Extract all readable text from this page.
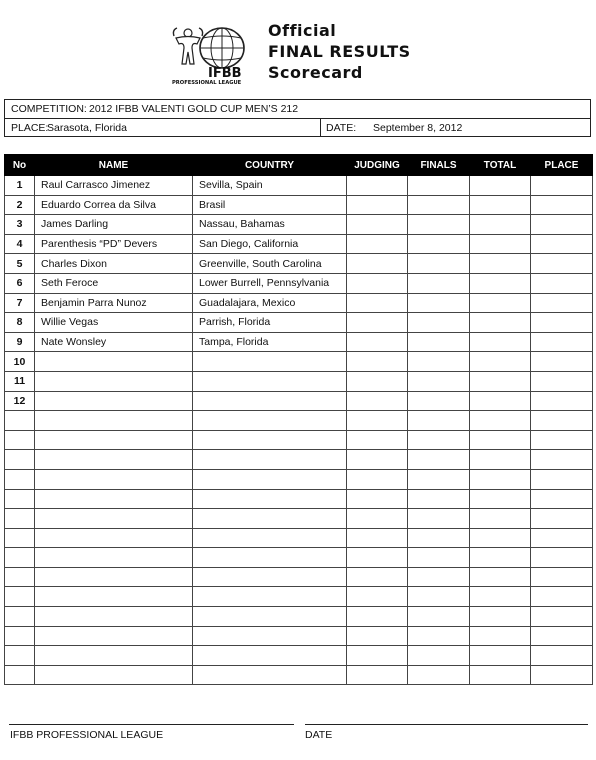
IFBB
PROFESSIONAL LEAGUE
Official
FINAL RESULTS
Scorecard
COMPETITION: 2012 IFBB VALENTI GOLD CUP MEN’S 212
PLACE:
Sarasota, Florida	DATE: September 8, 2012
No	NAME	COUNTRY	JUDGING	FINALS	TOTAL	PLACE
1	Raul Carrasco Jimenez	Sevilla, Spain				
2	Eduardo Correa da Silva	Brasil				
3	James Darling	Nassau, Bahamas				
4	Parenthesis “PD” Devers	San Diego, California				
5	Charles Dixon	Greenville, South Carolina				
6	Seth Feroce	Lower Burrell, Pennsylvania				
7	Benjamin Parra Nunoz	Guadalajara, Mexico				
8	Willie Vegas	Parrish, Florida				
9	Nate Wonsley	Tampa, Florida				
10						
11						
12						

IFBB PROFESSIONAL LEAGUE	DATE
